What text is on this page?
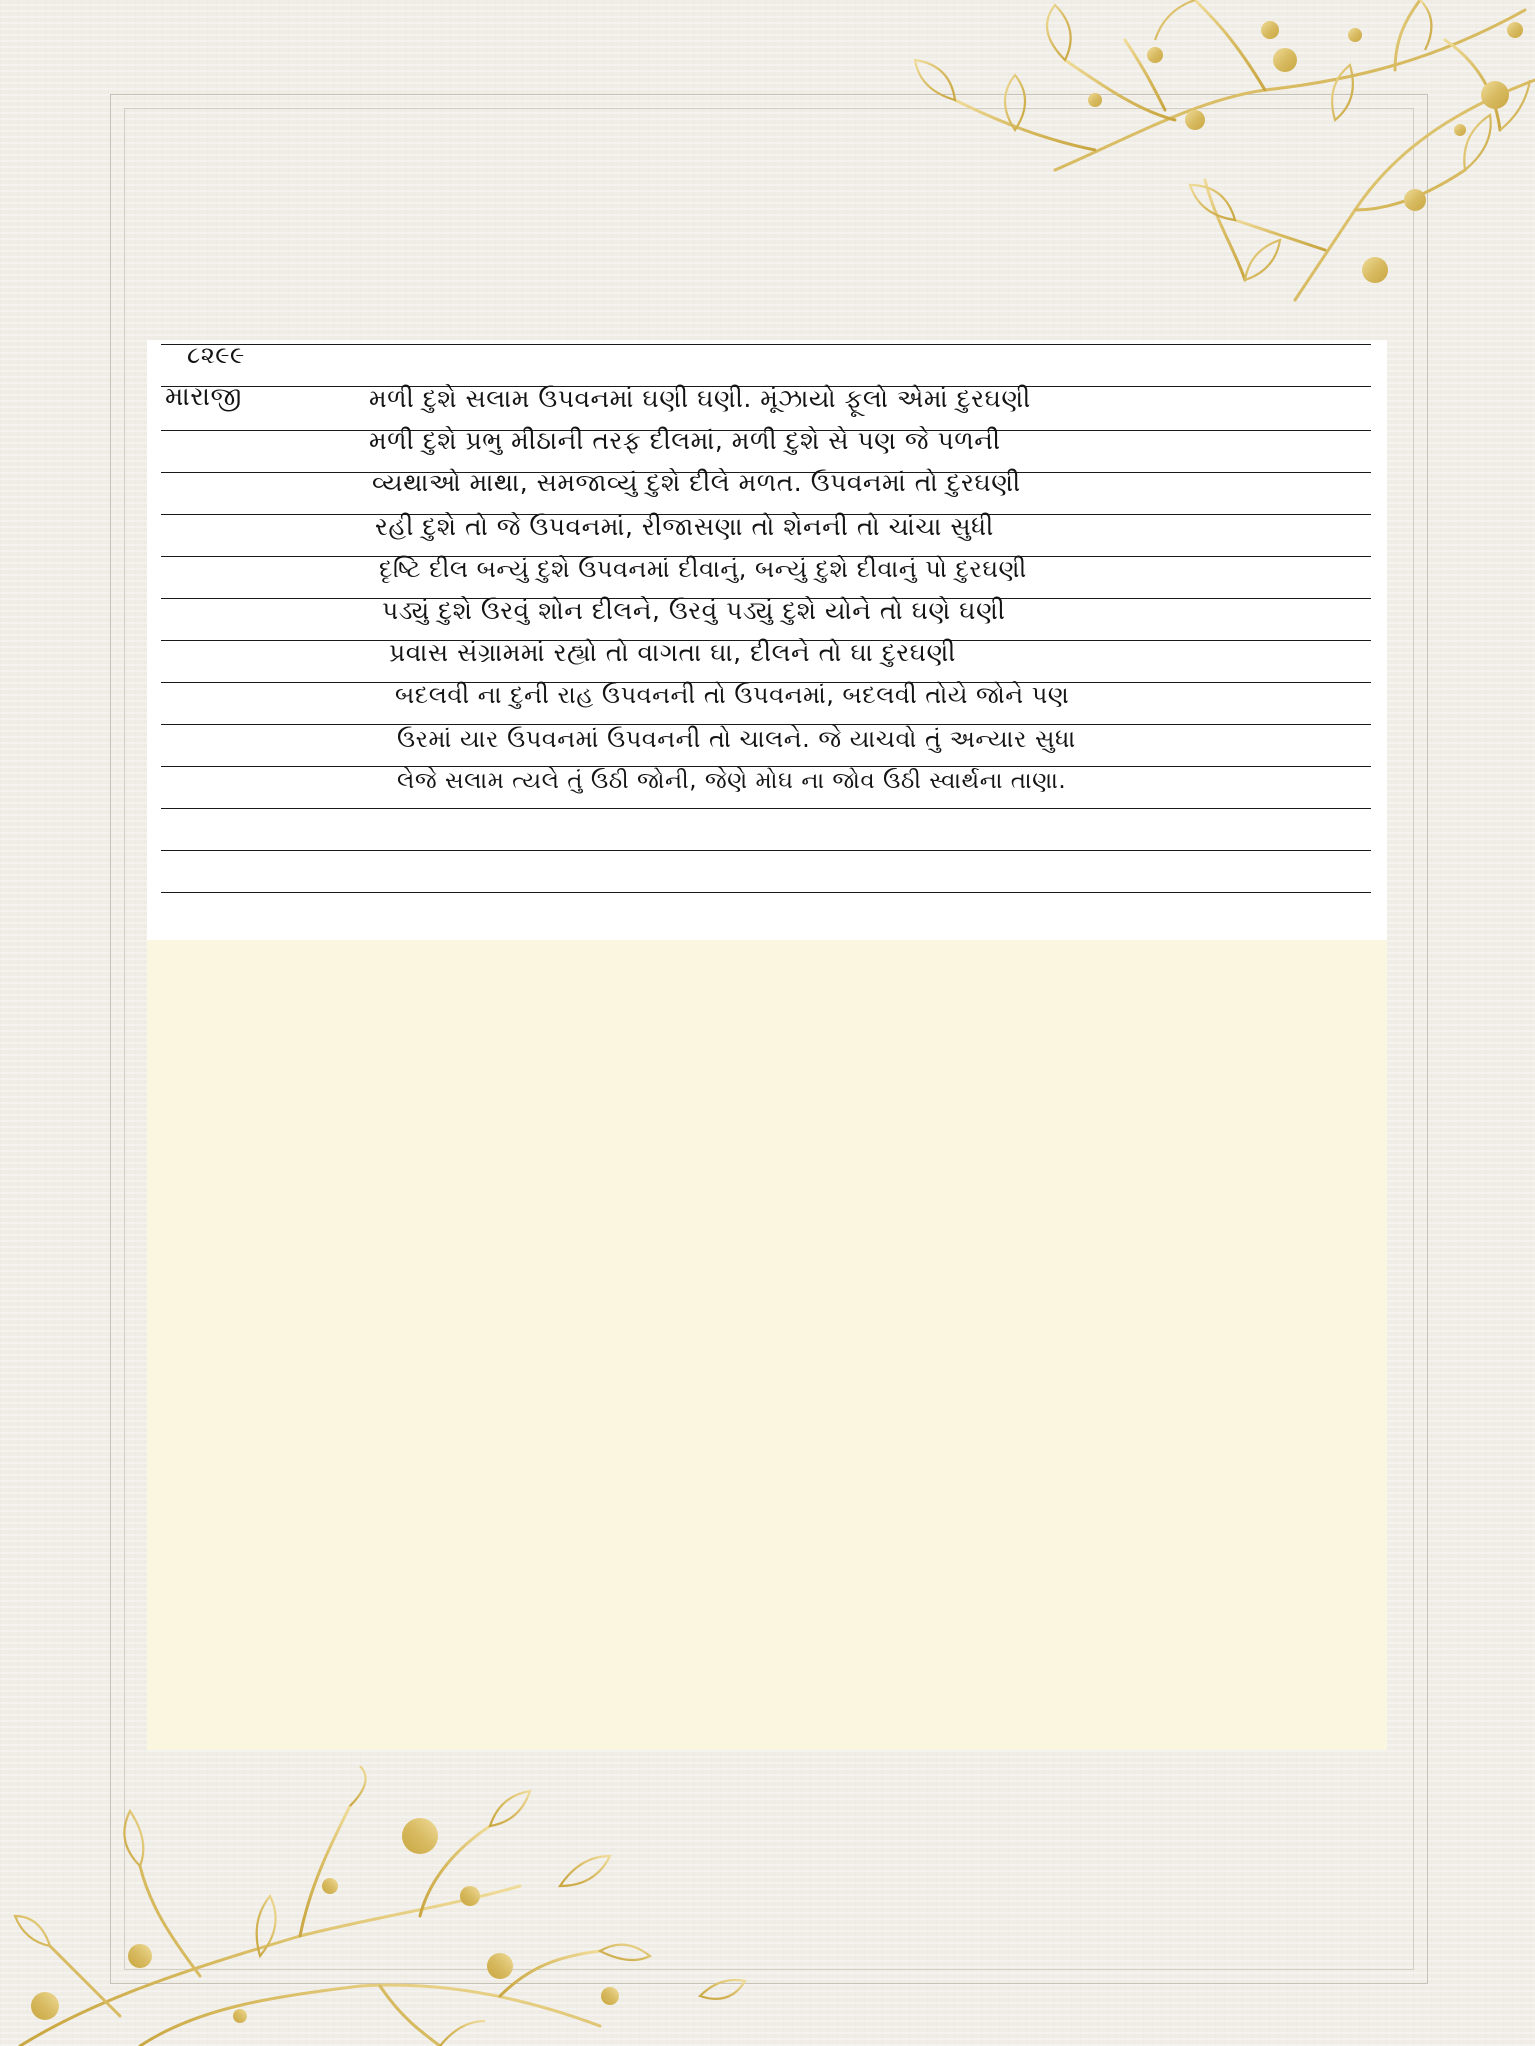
૮૨૯૯

મારાજી	મળી દુશે સલામ ઉપવનમાં ઘણી ઘણી. મૂંઝાયો ફૂલો એમાં દુરઘણી

મળી દુશે પ્રભુ મીઠાની તરફ દીલમાં, મળી દુશે સે પણ જે પળની

વ્યથાઓ માથા, સમજાવ્યું દુશે દીલે મળત. ઉપવનમાં તો દુરઘણી

રહી દુશે તો જે ઉપવનમાં, રીજાસણા તો શેનની તો ચાંચા સુધી

દૃષ્ટિ દીલ બન્યું દુશે ઉપવનમાં દીવાનું, બન્યું દુશે દીવાનું પો દુરઘણી

પડ્યું દુશે ઉરવું શોન દીલને, ઉરવું પડ્યું દુશે યોને તો ઘણે ઘણી

પ્રવાસ સંગ્રામમાં રહ્યો તો વાગતા ઘા, દીલને તો ઘા દુરઘણી

બદલવી ના દુની રાહ ઉપવનની તો ઉપવનમાં, બદલવી તોયે જોને પણ

ઉરમાં યાર ઉપવનમાં ઉપવનની તો ચાલને. જે યાચવો તું અન્યાર સુધા

લેજે સલામ ત્યલે તું ઉઠી જોની, જેણે મોઘ ના જોવ ઉઠી સ્વાર્થના તાણા.
